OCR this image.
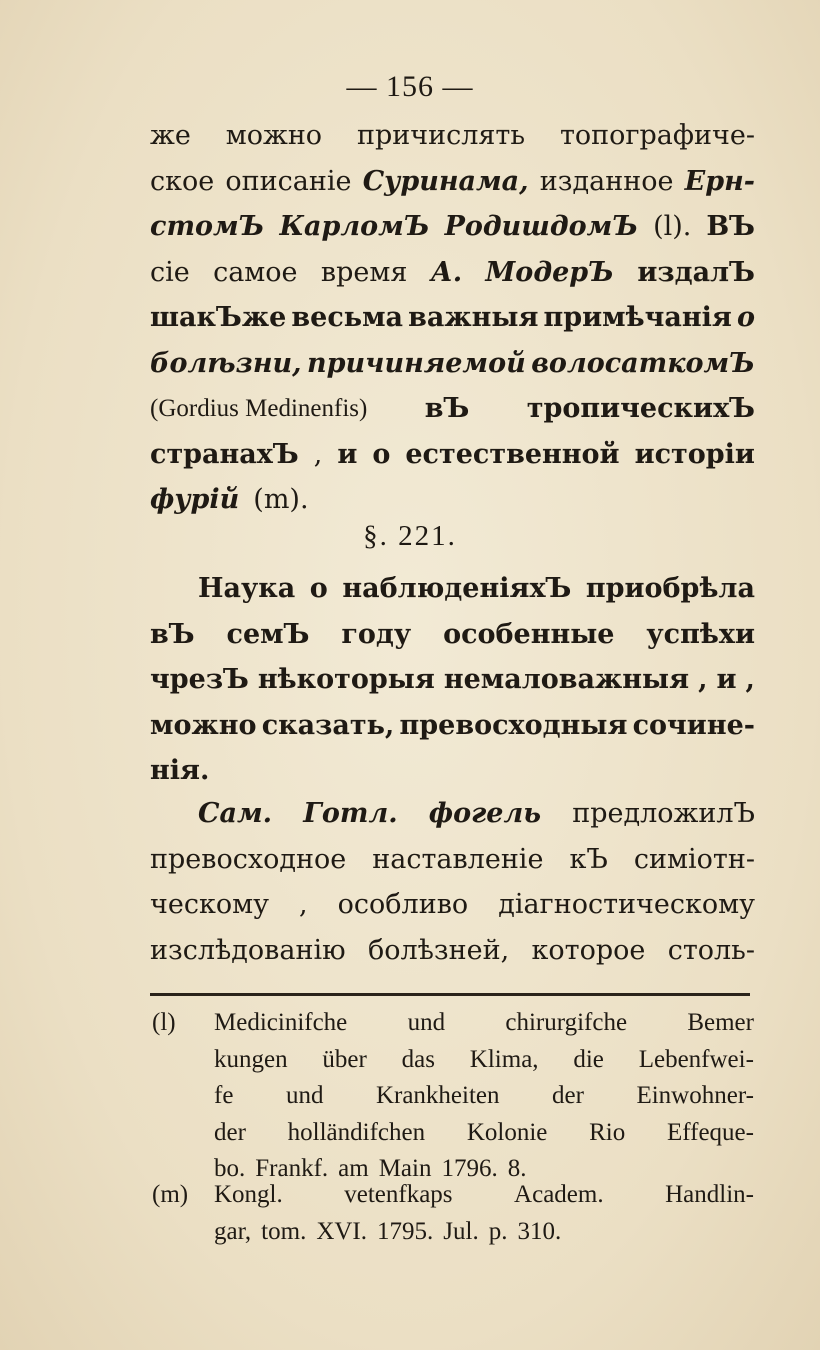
— 156 —
же можно причислять топографиче-
ское описаніе Суринама, изданное Ерн-
стомЪ КарломЪ РодишдомЪ (l). ВЪ
сіе самое время А. МодерЪ издалЪ
шакЪже весьма важныя примѣчанія о
болѣзни, причиняемой волосаткомЪ
(Gordius Medinenfis) вЪ тропическихЪ
странахЪ , и о естественной исторіи
фурій (m).
§. 221.
Наука о наблюденіяхЪ приобрѣла
вЪ семЪ году особенные успѣхи
чрезЪ нѣкоторыя немаловажныя , и ,
можно сказать, превосходныя сочине-
нія.
Сам. Готл. фогель предложилЪ
превосходное наставленіе кЪ симіотн-
ческому , особливо діагностическому
изслѣдованію болѣзней, которое столь-
(l) Medicinifche und chirurgifche Bemer
kungen über das Klima, die Lebenfwei-
fe und Krankheiten der Einwohner-
der holländifchen Kolonie Rio Effeque-
bo. Frankf. am Main 1796. 8.
(m) Kongl. vetenfkaps Academ. Handlin-
gar, tom. XVI. 1795. Jul. p. 310.
